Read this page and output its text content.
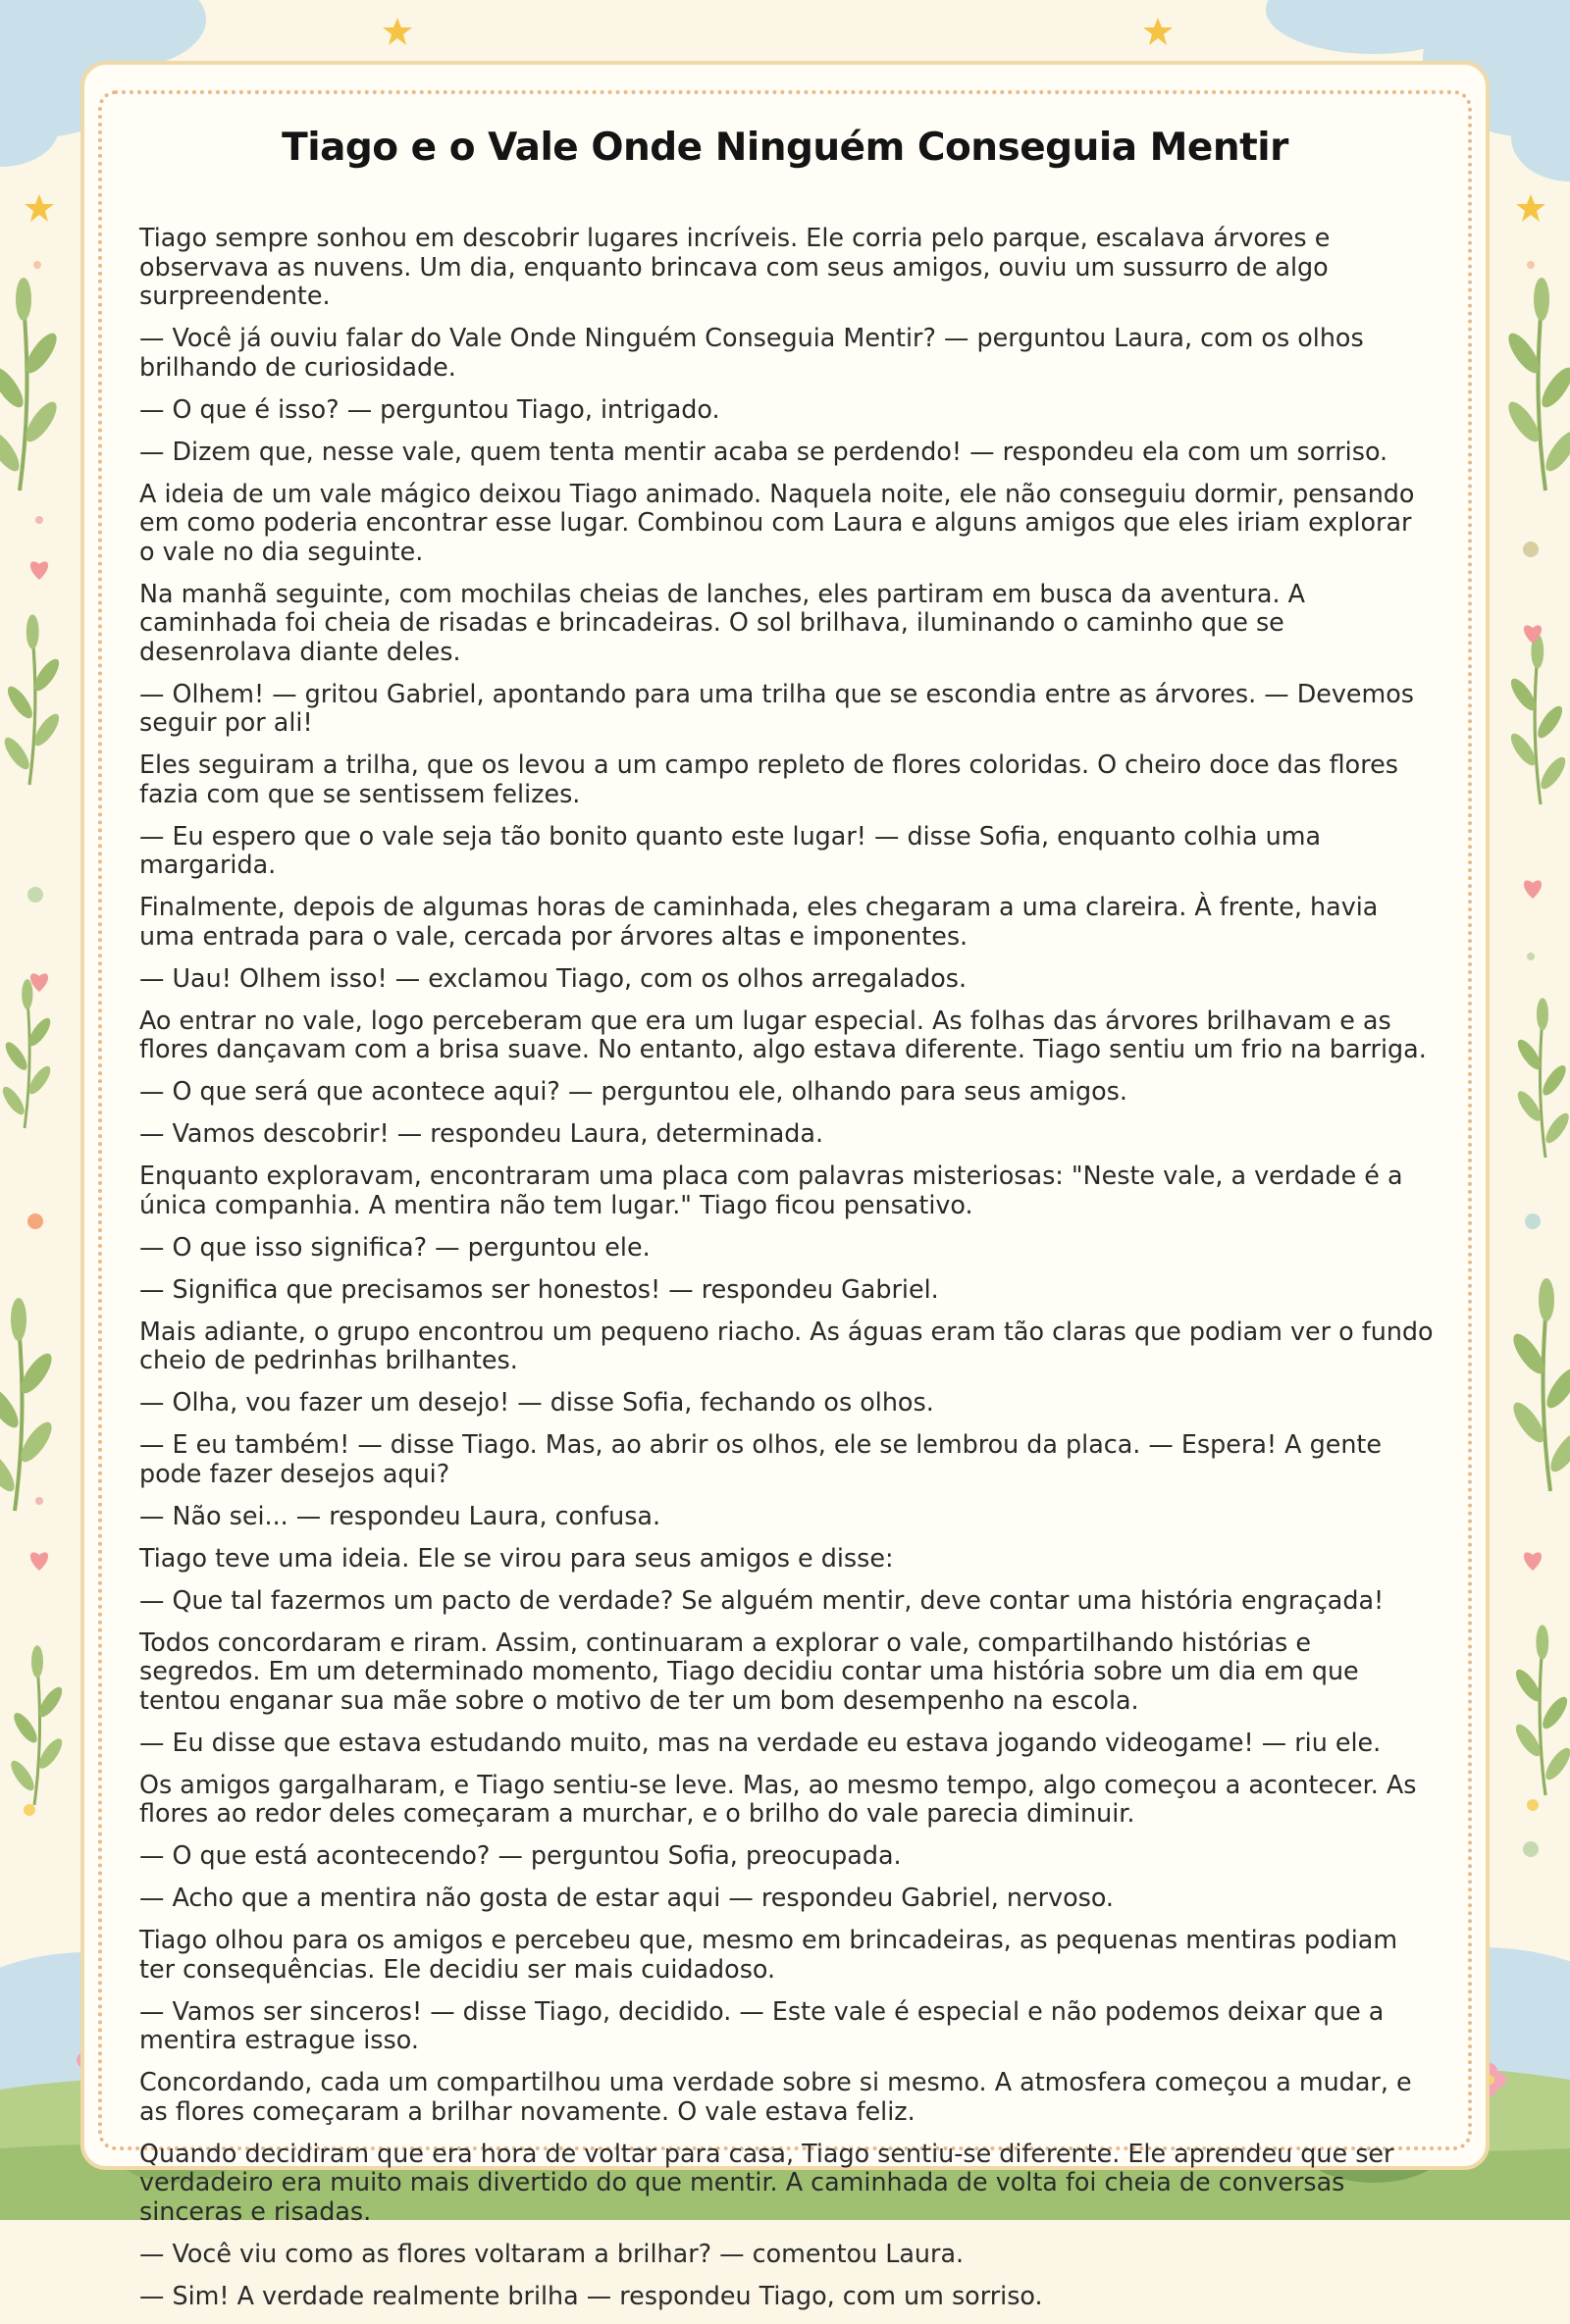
Tiago e o Vale Onde Ninguém Conseguia Mentir

Tiago sempre sonhou em descobrir lugares incríveis. Ele corria pelo parque, escalava árvores e observava as nuvens. Um dia, enquanto brincava com seus amigos, ouviu um sussurro de algo surpreendente.

— Você já ouviu falar do Vale Onde Ninguém Conseguia Mentir? — perguntou Laura, com os olhos brilhando de curiosidade.

— O que é isso? — perguntou Tiago, intrigado.

— Dizem que, nesse vale, quem tenta mentir acaba se perdendo! — respondeu ela com um sorriso.

A ideia de um vale mágico deixou Tiago animado. Naquela noite, ele não conseguiu dormir, pensando em como poderia encontrar esse lugar. Combinou com Laura e alguns amigos que eles iriam explorar o vale no dia seguinte.

Na manhã seguinte, com mochilas cheias de lanches, eles partiram em busca da aventura. A caminhada foi cheia de risadas e brincadeiras. O sol brilhava, iluminando o caminho que se desenrolava diante deles.

— Olhem! — gritou Gabriel, apontando para uma trilha que se escondia entre as árvores. — Devemos seguir por ali!

Eles seguiram a trilha, que os levou a um campo repleto de flores coloridas. O cheiro doce das flores fazia com que se sentissem felizes.

— Eu espero que o vale seja tão bonito quanto este lugar! — disse Sofia, enquanto colhia uma margarida.

Finalmente, depois de algumas horas de caminhada, eles chegaram a uma clareira. À frente, havia uma entrada para o vale, cercada por árvores altas e imponentes.

— Uau! Olhem isso! — exclamou Tiago, com os olhos arregalados.

Ao entrar no vale, logo perceberam que era um lugar especial. As folhas das árvores brilhavam e as flores dançavam com a brisa suave. No entanto, algo estava diferente. Tiago sentiu um frio na barriga.

— O que será que acontece aqui? — perguntou ele, olhando para seus amigos.

— Vamos descobrir! — respondeu Laura, determinada.

Enquanto exploravam, encontraram uma placa com palavras misteriosas: "Neste vale, a verdade é a única companhia. A mentira não tem lugar." Tiago ficou pensativo.

— O que isso significa? — perguntou ele.

— Significa que precisamos ser honestos! — respondeu Gabriel.

Mais adiante, o grupo encontrou um pequeno riacho. As águas eram tão claras que podiam ver o fundo cheio de pedrinhas brilhantes.

— Olha, vou fazer um desejo! — disse Sofia, fechando os olhos.

— E eu também! — disse Tiago. Mas, ao abrir os olhos, ele se lembrou da placa. — Espera! A gente pode fazer desejos aqui?

— Não sei... — respondeu Laura, confusa.

Tiago teve uma ideia. Ele se virou para seus amigos e disse:

— Que tal fazermos um pacto de verdade? Se alguém mentir, deve contar uma história engraçada!

Todos concordaram e riram. Assim, continuaram a explorar o vale, compartilhando histórias e segredos. Em um determinado momento, Tiago decidiu contar uma história sobre um dia em que tentou enganar sua mãe sobre o motivo de ter um bom desempenho na escola.

— Eu disse que estava estudando muito, mas na verdade eu estava jogando videogame! — riu ele.

Os amigos gargalharam, e Tiago sentiu-se leve. Mas, ao mesmo tempo, algo começou a acontecer. As flores ao redor deles começaram a murchar, e o brilho do vale parecia diminuir.

— O que está acontecendo? — perguntou Sofia, preocupada.

— Acho que a mentira não gosta de estar aqui — respondeu Gabriel, nervoso.

Tiago olhou para os amigos e percebeu que, mesmo em brincadeiras, as pequenas mentiras podiam ter consequências. Ele decidiu ser mais cuidadoso.

— Vamos ser sinceros! — disse Tiago, decidido. — Este vale é especial e não podemos deixar que a mentira estrague isso.

Concordando, cada um compartilhou uma verdade sobre si mesmo. A atmosfera começou a mudar, e as flores começaram a brilhar novamente. O vale estava feliz.

Quando decidiram que era hora de voltar para casa, Tiago sentiu-se diferente. Ele aprendeu que ser verdadeiro era muito mais divertido do que mentir. A caminhada de volta foi cheia de conversas sinceras e risadas.

— Você viu como as flores voltaram a brilhar? — comentou Laura.

— Sim! A verdade realmente brilha — respondeu Tiago, com um sorriso.
